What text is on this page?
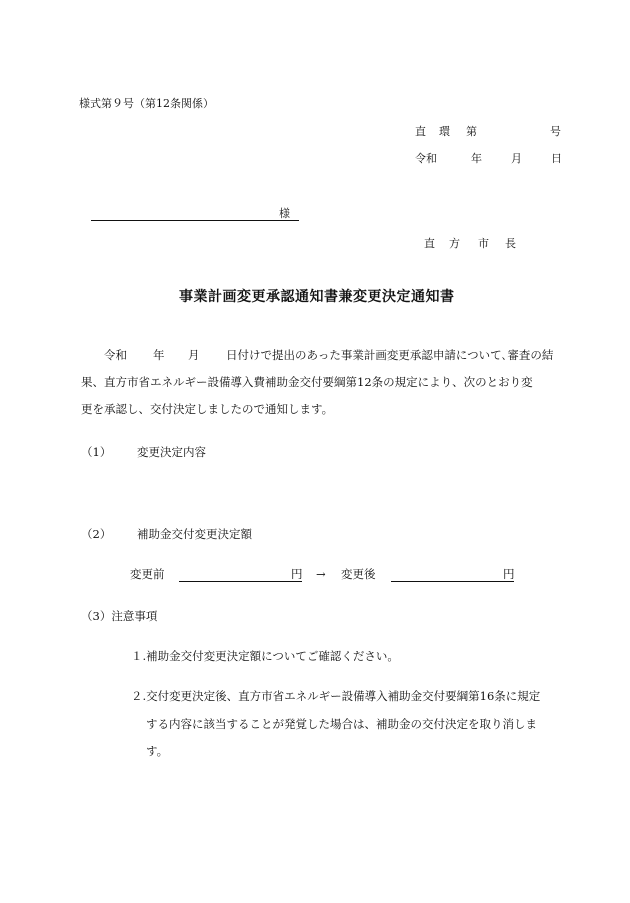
様式第９号（第12条関係）
直 環 第	号
令和	年	月	日
様
直 方 市 長
事業計画変更承認通知書兼変更決定通知書
令和 年 月 日付けで提出のあった事業計画変更承認申請について､審査の結
果、直方市省エネルギー設備導入費補助金交付要綱第12条の規定により、次のとおり変
更を承認し、交付決定しましたので通知します。
（1） 変更決定内容
（2） 補助金交付変更決定額
変更前	円 → 変更後	円
（3）注意事項
１.補助金交付変更決定額についてご確認ください。
２.交付変更決定後、直方市省エネルギー設備導入補助金交付要綱第16条に規定
する内容に該当することが発覚した場合は、補助金の交付決定を取り消しま
す。
